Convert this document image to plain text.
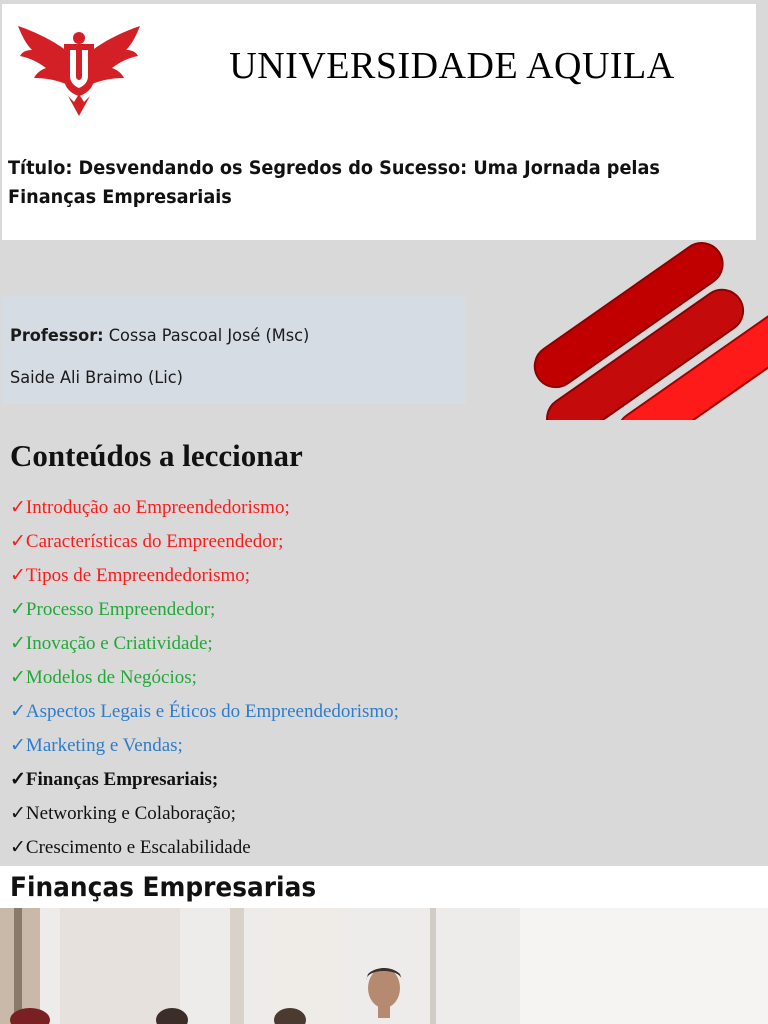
UNIVERSIDADE AQUILA
Título: Desvendando os Segredos do Sucesso: Uma Jornada pelas Finanças Empresariais
Professor: Cossa Pascoal José (Msc)
Saide Ali Braimo (Lic)
Conteúdos a leccionar
✓Introdução ao Empreendedorismo;
✓Características do Empreendedor;
✓Tipos de Empreendedorismo;
✓Processo Empreendedor;
✓Inovação e Criatividade;
✓Modelos de Negócios;
✓Aspectos Legais e Éticos do Empreendedorismo;
✓Marketing e Vendas;
✓Finanças Empresariais;
✓Networking e Colaboração;
✓Crescimento e Escalabilidade
Finanças Empresarias
